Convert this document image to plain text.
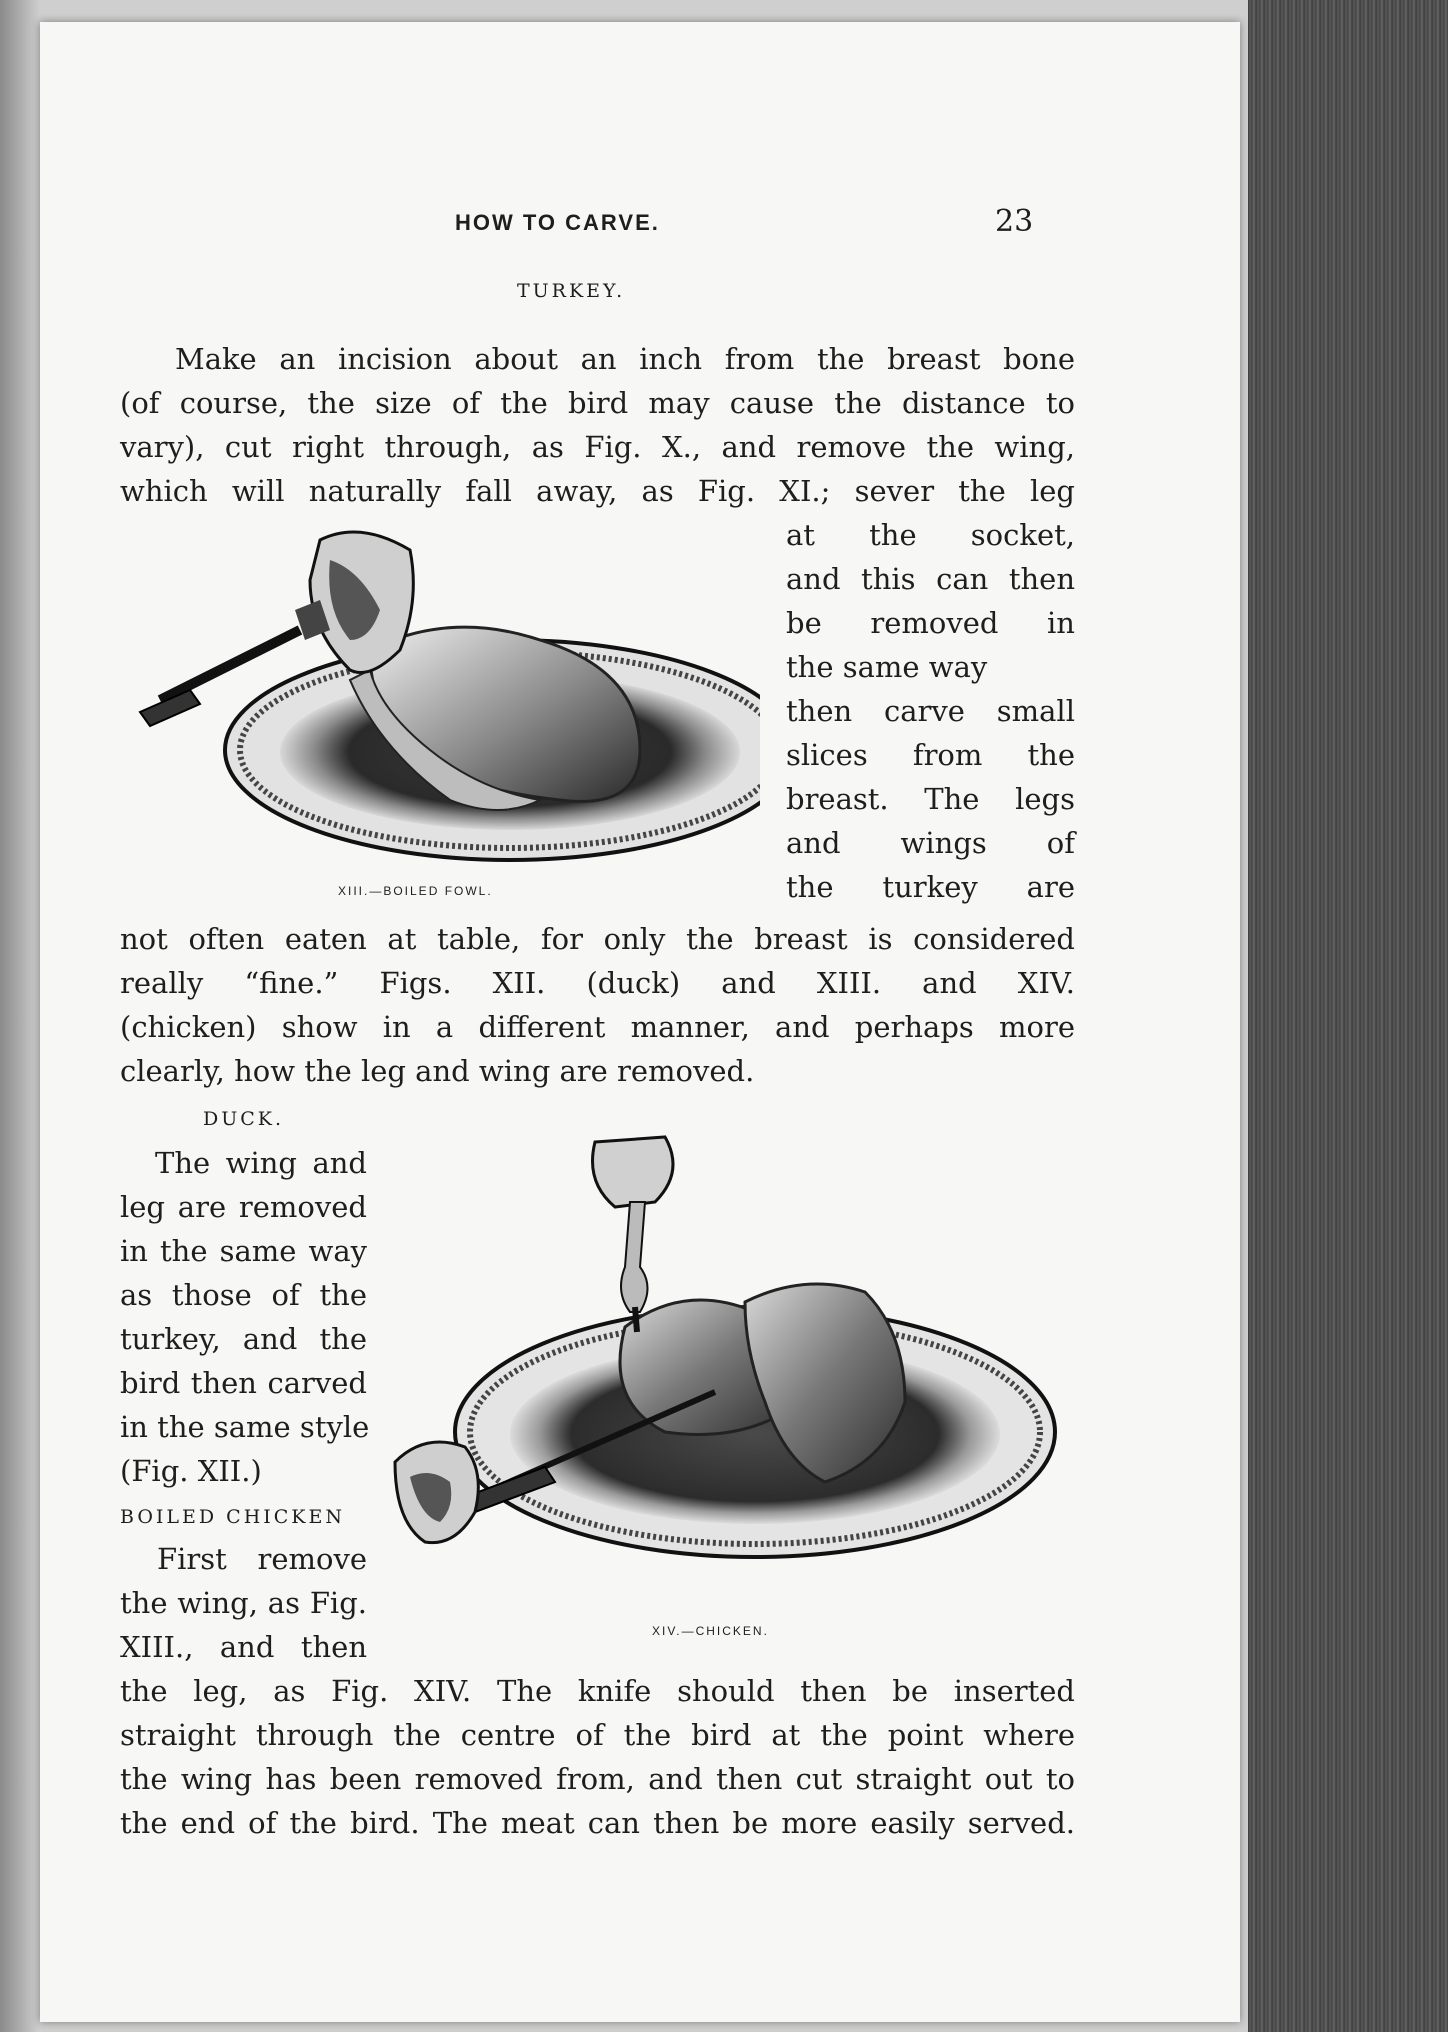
HOW TO CARVE.	23
TURKEY.
Make an incision about an inch from the breast bone
(of course, the size of the bird may cause the distance to
vary), cut right through, as Fig. X., and remove the wing,
which will naturally fall away, as Fig. XI.; sever the leg
at the socket,
and this can then
be removed in
the same way
then carve small
slices from the
breast. The legs
and wings of
the turkey are
XIII.—BOILED FOWL.
not often eaten at table, for only the breast is considered
really “fine.” Figs. XII. (duck) and XIII. and XIV.
(chicken) show in a different manner, and perhaps more
clearly, how the leg and wing are removed.
DUCK.
The wing and
leg are removed
in the same way
as those of the
turkey, and the
bird then carved
in the same style
(Fig. XII.)
BOILED CHICKEN
First remove
the wing, as Fig.
XIII., and then	XIV.—CHICKEN.
the leg, as Fig. XIV. The knife should then be inserted
straight through the centre of the bird at the point where
the wing has been removed from, and then cut straight out to
the end of the bird. The meat can then be more easily served.
